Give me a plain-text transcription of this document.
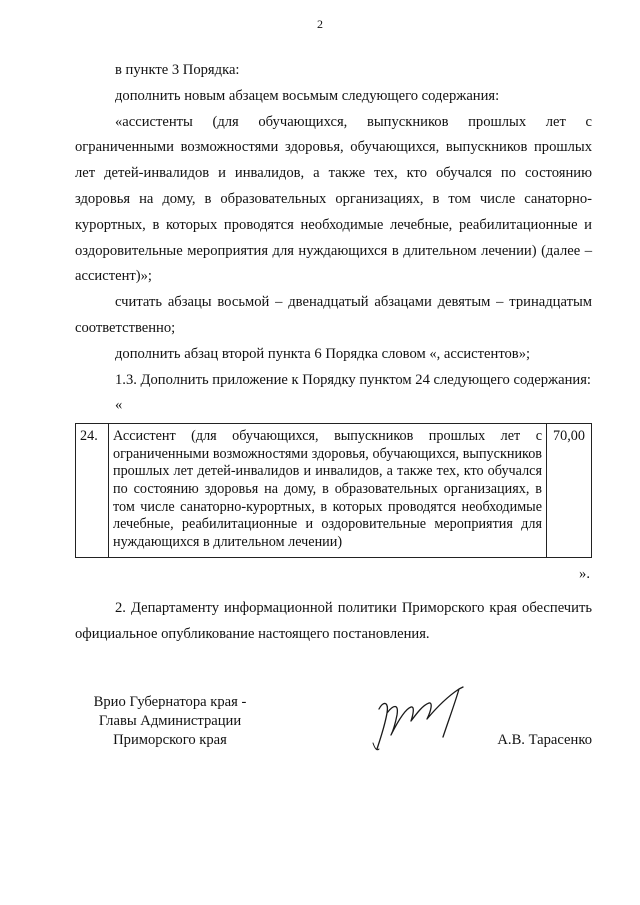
2

в пункте 3 Порядка:

дополнить новым абзацем восьмым следующего содержания:

«ассистенты (для обучающихся, выпускников прошлых лет с ограниченными возможностями здоровья, обучающихся, выпускников прошлых лет детей-инвалидов и инвалидов, а также тех, кто обучался по состоянию здоровья на дому, в образовательных организациях, в том числе санаторно-курортных, в которых проводятся необходимые лечебные, реабилитационные и оздоровительные мероприятия для нуждающихся в длительном лечении) (далее – ассистент)»;

считать абзацы восьмой – двенадцатый абзацами девятым – тринадцатым соответственно;

дополнить абзац второй пункта 6 Порядка словом «, ассистентов»;

1.3. Дополнить приложение к Порядку пунктом 24 следующего содержания:

«

24.	Ассистент (для обучающихся, выпускников прошлых лет с ограниченными возможностями здоровья, обучающихся, выпускников прошлых лет детей-инвалидов и инвалидов, а также тех, кто обучался по состоянию здоровья на дому, в образовательных организациях, в том числе санаторно-курортных, в которых проводятся необходимые лечебные, реабилитационные и оздоровительные мероприятия для нуждающихся в длительном лечении)	70,00

».

2. Департаменту информационной политики Приморского края обеспечить официальное опубликование настоящего постановления.

Врио Губернатора края -
Главы Администрации
Приморского края	А.В. Тарасенко
